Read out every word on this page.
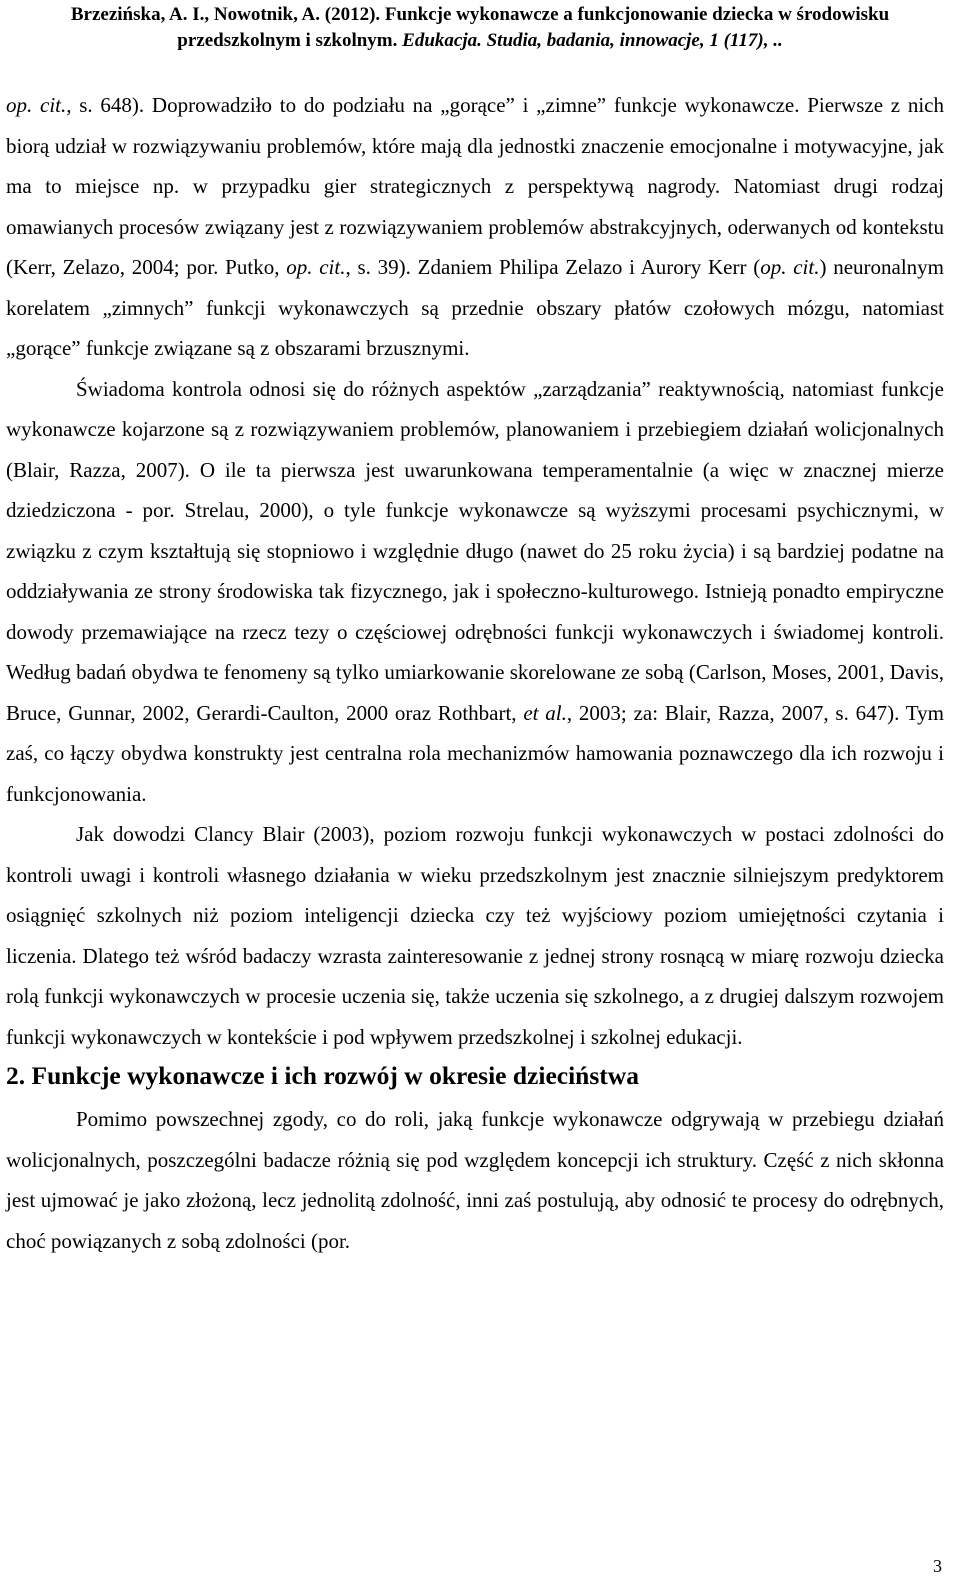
Brzezińska, A. I., Nowotnik, A. (2012). Funkcje wykonawcze a funkcjonowanie dziecka w środowisku
przedszkolnym i szkolnym. Edukacja. Studia, badania, innowacje, 1 (117), ..

op. cit., s. 648). Doprowadziło to do podziału na „gorące” i „zimne” funkcje wykonawcze. Pierwsze z nich biorą udział w rozwiązywaniu problemów, które mają dla jednostki znaczenie emocjonalne i motywacyjne, jak ma to miejsce np. w przypadku gier strategicznych z perspektywą nagrody. Natomiast drugi rodzaj omawianych procesów związany jest z rozwiązywaniem problemów abstrakcyjnych, oderwanych od kontekstu (Kerr, Zelazo, 2004; por. Putko, op. cit., s. 39). Zdaniem Philipa Zelazo i Aurory Kerr (op. cit.) neuronalnym korelatem „zimnych” funkcji wykonawczych są przednie obszary płatów czołowych mózgu, natomiast „gorące” funkcje związane są z obszarami brzusznymi.

Świadoma kontrola odnosi się do różnych aspektów „zarządzania” reaktywnością, natomiast funkcje wykonawcze kojarzone są z rozwiązywaniem problemów, planowaniem i przebiegiem działań wolicjonalnych (Blair, Razza, 2007). O ile ta pierwsza jest uwarunkowana temperamentalnie (a więc w znacznej mierze dziedziczona - por. Strelau, 2000), o tyle funkcje wykonawcze są wyższymi procesami psychicznymi, w związku z czym kształtują się stopniowo i względnie długo (nawet do 25 roku życia) i są bardziej podatne na oddziaływania ze strony środowiska tak fizycznego, jak i społeczno-kulturowego. Istnieją ponadto empiryczne dowody przemawiające na rzecz tezy o częściowej odrębności funkcji wykonawczych i świadomej kontroli. Według badań obydwa te fenomeny są tylko umiarkowanie skorelowane ze sobą (Carlson, Moses, 2001, Davis, Bruce, Gunnar, 2002, Gerardi-Caulton, 2000 oraz Rothbart, et al., 2003; za: Blair, Razza, 2007, s. 647). Tym zaś, co łączy obydwa konstrukty jest centralna rola mechanizmów hamowania poznawczego dla ich rozwoju i funkcjonowania.

Jak dowodzi Clancy Blair (2003), poziom rozwoju funkcji wykonawczych w postaci zdolności do kontroli uwagi i kontroli własnego działania w wieku przedszkolnym jest znacznie silniejszym predyktorem osiągnięć szkolnych niż poziom inteligencji dziecka czy też wyjściowy poziom umiejętności czytania i liczenia. Dlatego też wśród badaczy wzrasta zainteresowanie z jednej strony rosnącą w miarę rozwoju dziecka rolą funkcji wykonawczych w procesie uczenia się, także uczenia się szkolnego, a z drugiej dalszym rozwojem funkcji wykonawczych w kontekście i pod wpływem przedszkolnej i szkolnej edukacji.

2. Funkcje wykonawcze i ich rozwój w okresie dzieciństwa

Pomimo powszechnej zgody, co do roli, jaką funkcje wykonawcze odgrywają w przebiegu działań wolicjonalnych, poszczególni badacze różnią się pod względem koncepcji ich struktury. Część z nich skłonna jest ujmować je jako złożoną, lecz jednolitą zdolność, inni zaś postulują, aby odnosić te procesy do odrębnych, choć powiązanych z sobą zdolności (por.

3
